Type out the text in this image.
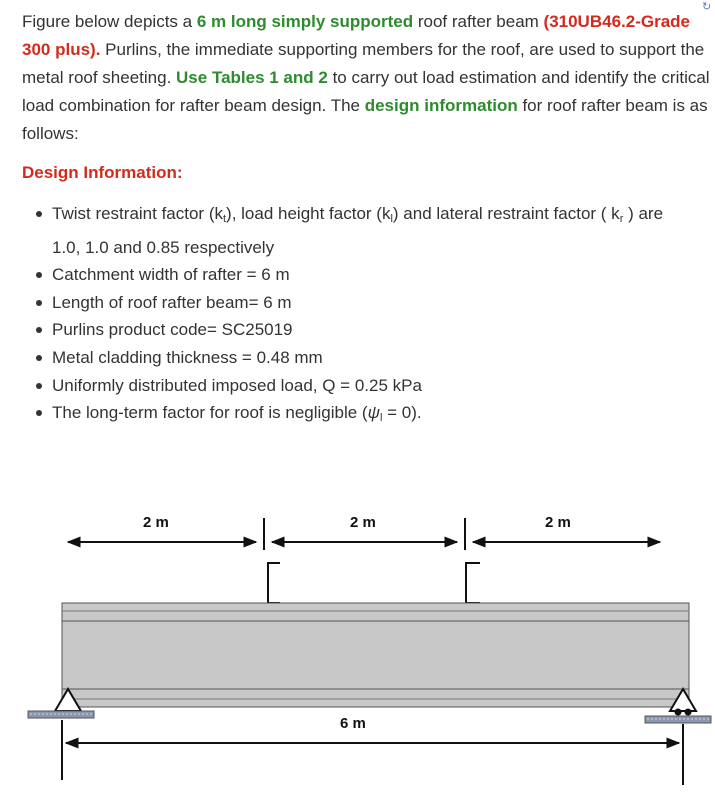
↻
Figure below depicts a 6 m long simply supported roof rafter beam (310UB46.2-Grade 300 plus). Purlins, the immediate supporting members for the roof, are used to support the metal roof sheeting. Use Tables 1 and 2 to carry out load estimation and identify the critical load combination for rafter beam design. The design information for roof rafter beam is as follows:
Design Information:
Twist restraint factor $(k_t)$, load height factor $(k_l)$ and lateral restraint factor ( $k_r$ ) are
1.0, 1.0 and 0.85 respectively
Catchment width of rafter = 6 m
Length of roof rafter beam= 6 m
Purlins product code= SC25019
Metal cladding thickness = 0.48 mm
Uniformly distributed imposed load, Q = 0.25 kPa
The long-term factor for roof is negligible $(\psi_l = 0)$.
2 m	2 m	2 m
6 m
